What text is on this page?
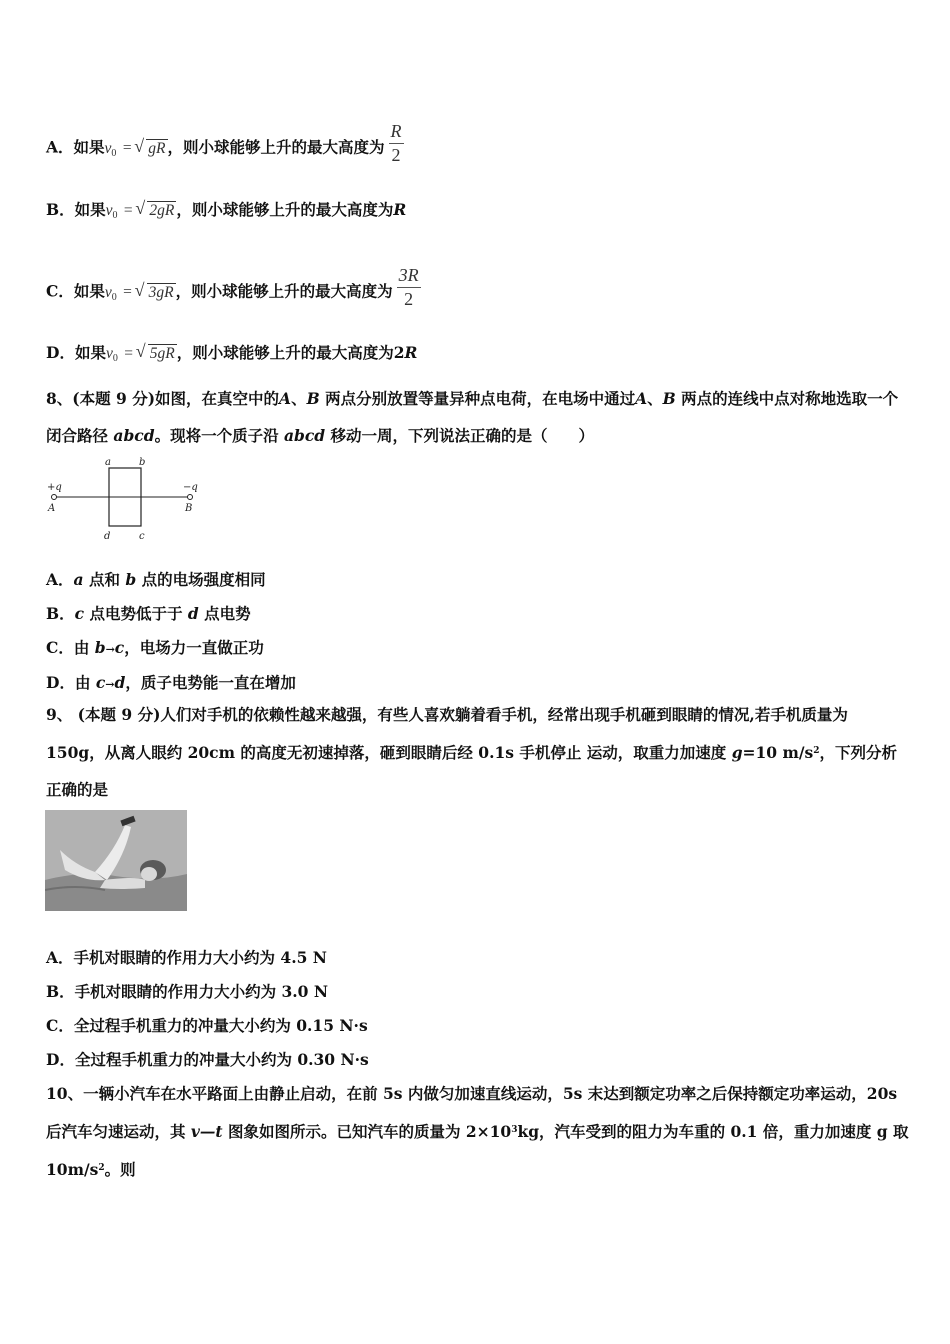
A．如果$v_0$ = √ gR ，则小球能够上升的最大高度为 $\frac{R}{2}$
B．如果$v_0$ = √ 2gR ，则小球能够上升的最大高度为R
C．如果$v_0$ = √ 3gR ，则小球能够上升的最大高度为 $\frac{3R}{2}$
D．如果$v_0$ = √ 5gR ，则小球能够上升的最大高度为2R
8、(本题 9 分)如图，在真空中的A、B 两点分别放置等量异种点电荷，在电场中通过A、B 两点的连线中点对称地选取一个闭合路径 abcd。现将一个质子沿 abcd 移动一周，下列说法正确的是（　　）
+q
A
−q
B
a	b
c
d
A．a 点和 b 点的电场强度相同
B．c 点电势低于于 d 点电势
C．由 b→c，电场力一直做正功
D．由 c→d，质子电势能一直在增加
9、 (本题 9 分)人们对手机的依赖性越来越强，有些人喜欢躺着看手机，经常出现手机砸到眼睛的情况,若手机质量为 150g，从离人眼约 20cm 的高度无初速掉落，砸到眼睛后经 0.1s 手机停止 运动，取重力加速度 g=10 $m/s^2$，下列分析正确的是
A．手机对眼睛的作用力大小约为 4.5 N
B．手机对眼睛的作用力大小约为 3.0 N
C．全过程手机重力的冲量大小约为 0.15 N·s
D．全过程手机重力的冲量大小约为 0.30 N·s
10、一辆小汽车在水平路面上由静止启动，在前 5s 内做匀加速直线运动，5s 末达到额定功率之后保持额定功率运动，20s 后汽车匀速运动，其 v—t 图象如图所示。已知汽车的质量为 $2\times 10^3kg$，汽车受到的阻力为车重的 0.1 倍，重力加速度 g 取 $10m/s^2$。则
